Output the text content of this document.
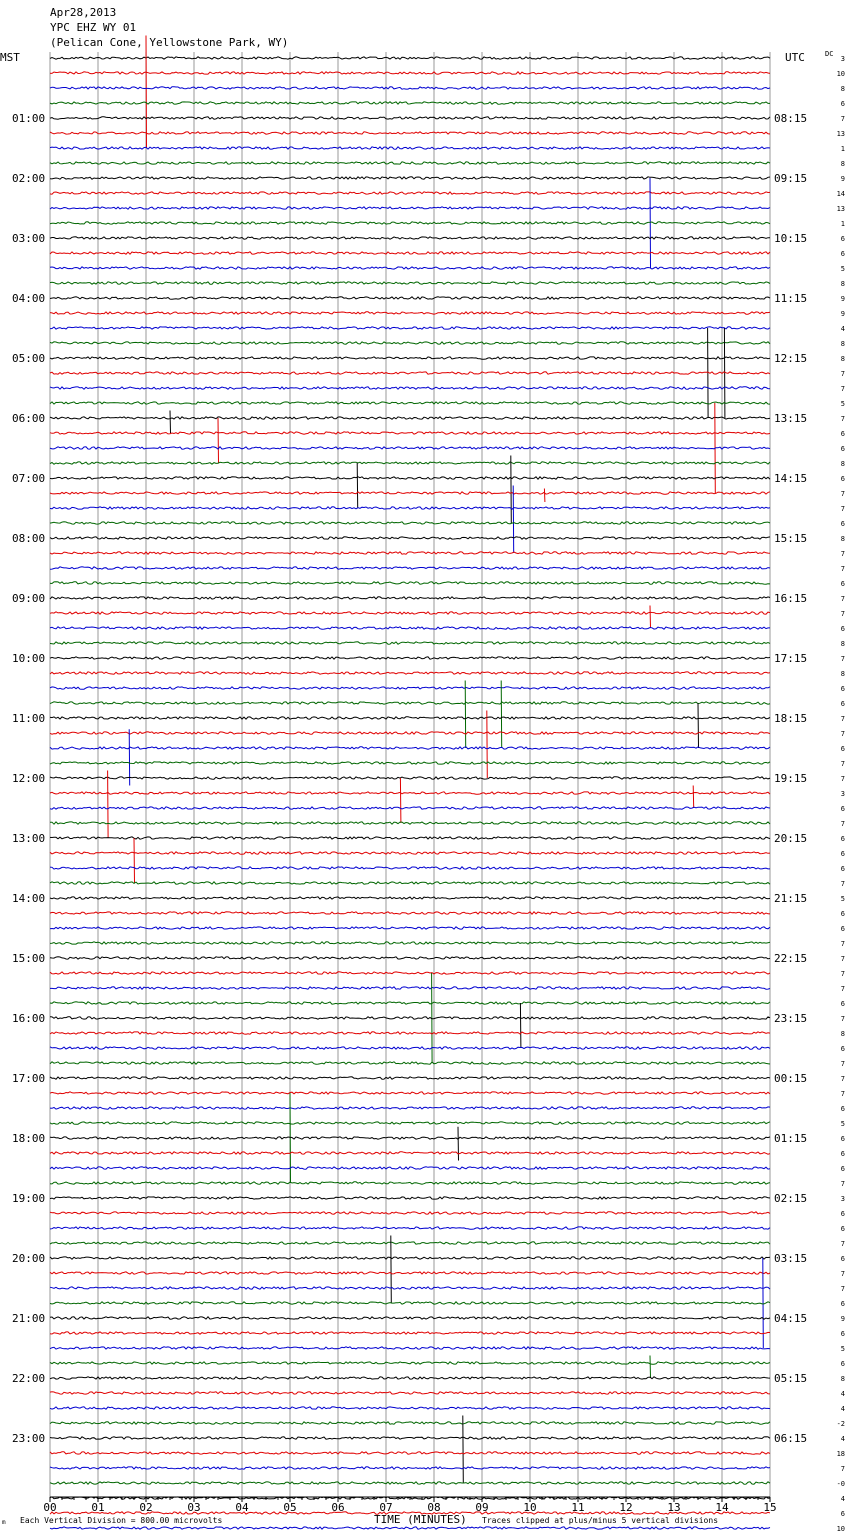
Apr28,2013
YPC EHZ WY 01
(Pelican Cone, Yellowstone Park, WY)
MST	UTC	DC
01:00
02:00
03:00
04:00
05:00
06:00
07:00
08:00
09:00
10:00
11:00
12:00
13:00
14:00
15:00
16:00
17:00
18:00
19:00
20:00
21:00
22:00
23:00
08:15
09:15
10:15
11:15
12:15
13:15
14:15
15:15
16:15
17:15
18:15
19:15
20:15
21:15
22:15
23:15
00:15
01:15
02:15
03:15
04:15
05:15
06:15
3
10
8
6
7
13
1
8
9
14
13
1
6
6
5
8
9
9
4
8
8
7
7
5
7
6
6
8
6
7
7
6
8
7
7
6
7
7
6
8
7
8
6
6
7
7
6
7
7
3
6
7
6
6
6
7
5
6
6
7
7
7
7
6
7
8
6
7
7
7
6
5
6
6
6
7
3
6
6
7
6
7
7
6
9
6
5
6
8
4
4
-2
4
18
7
-0
4
6
10
00	01	02	03	04	05	06	07	08	09	10	11	12	13	14	15
m Each Vertical Division = 800.00 microvolts	TIME (MINUTES) Traces clipped at plus/minus 5 vertical divisions
